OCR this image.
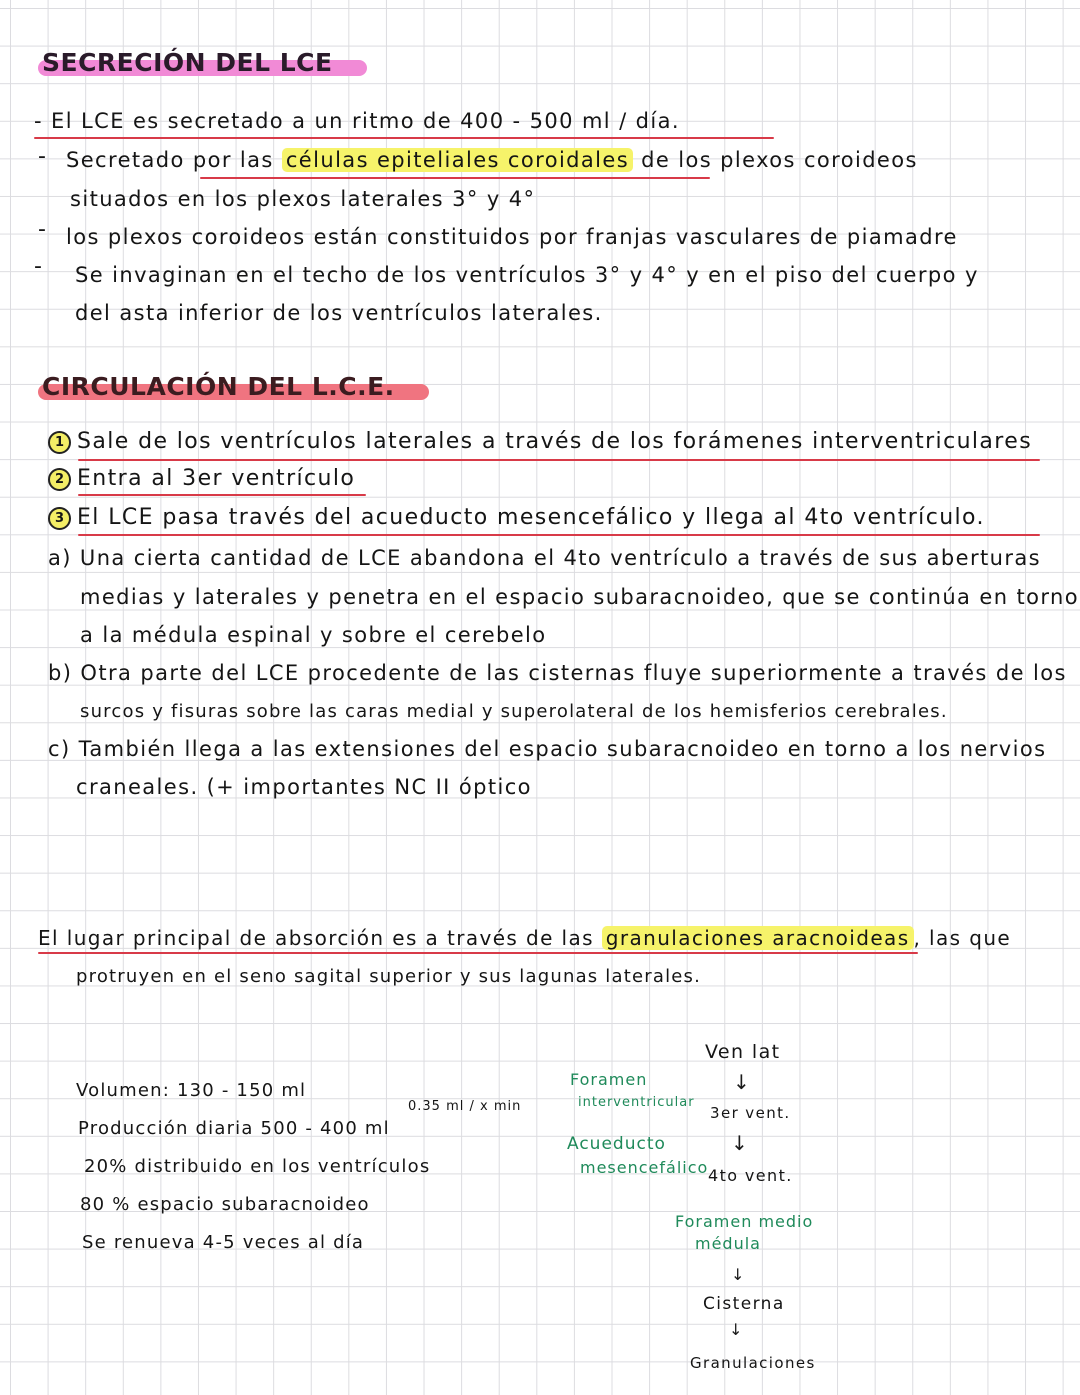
SECRECIÓN DEL LCE
- El LCE es secretado a un ritmo de 400 - 500 ml / día.
- Secretado por las células epiteliales coroidales de los plexos coroideos
situados en los plexos laterales 3° y 4°
- los plexos coroideos están constituidos por franjas vasculares de piamadre
- Se invaginan en el techo de los ventrículos 3° y 4° y en el piso del cuerpo y
del asta inferior de los ventrículos laterales.
CIRCULACIÓN DEL L.C.E.
1 Sale de los ventrículos laterales a través de los forámenes interventriculares
2 Entra al 3er ventrículo
3 El LCE pasa través del acueducto mesencefálico y llega al 4to ventrículo.
a) Una cierta cantidad de LCE abandona el 4to ventrículo a través de sus aberturas
medias y laterales y penetra en el espacio subaracnoideo, que se continúa en torno
a la médula espinal y sobre el cerebelo
b) Otra parte del LCE procedente de las cisternas fluye superiormente a través de los
surcos y fisuras sobre las caras medial y superolateral de los hemisferios cerebrales.
c) También llega a las extensiones del espacio subaracnoideo en torno a los nervios
craneales. (+ importantes NC II óptico
El lugar principal de absorción es a través de las granulaciones aracnoideas , las que
protruyen en el seno sagital superior y sus lagunas laterales.
Volumen: 130 - 150 ml
0.35 ml / x min
Producción diaria 500 - 400 ml
20% distribuido en los ventrículos
80 % espacio subaracnoideo
Se renueva 4-5 veces al día
Ven lat
↓
Foramen
interventricular
3er vent.
↓
Acueducto
mesencefálico 4to vent.
Foramen medio
médula
↓
Cisterna
↓
Granulaciones
